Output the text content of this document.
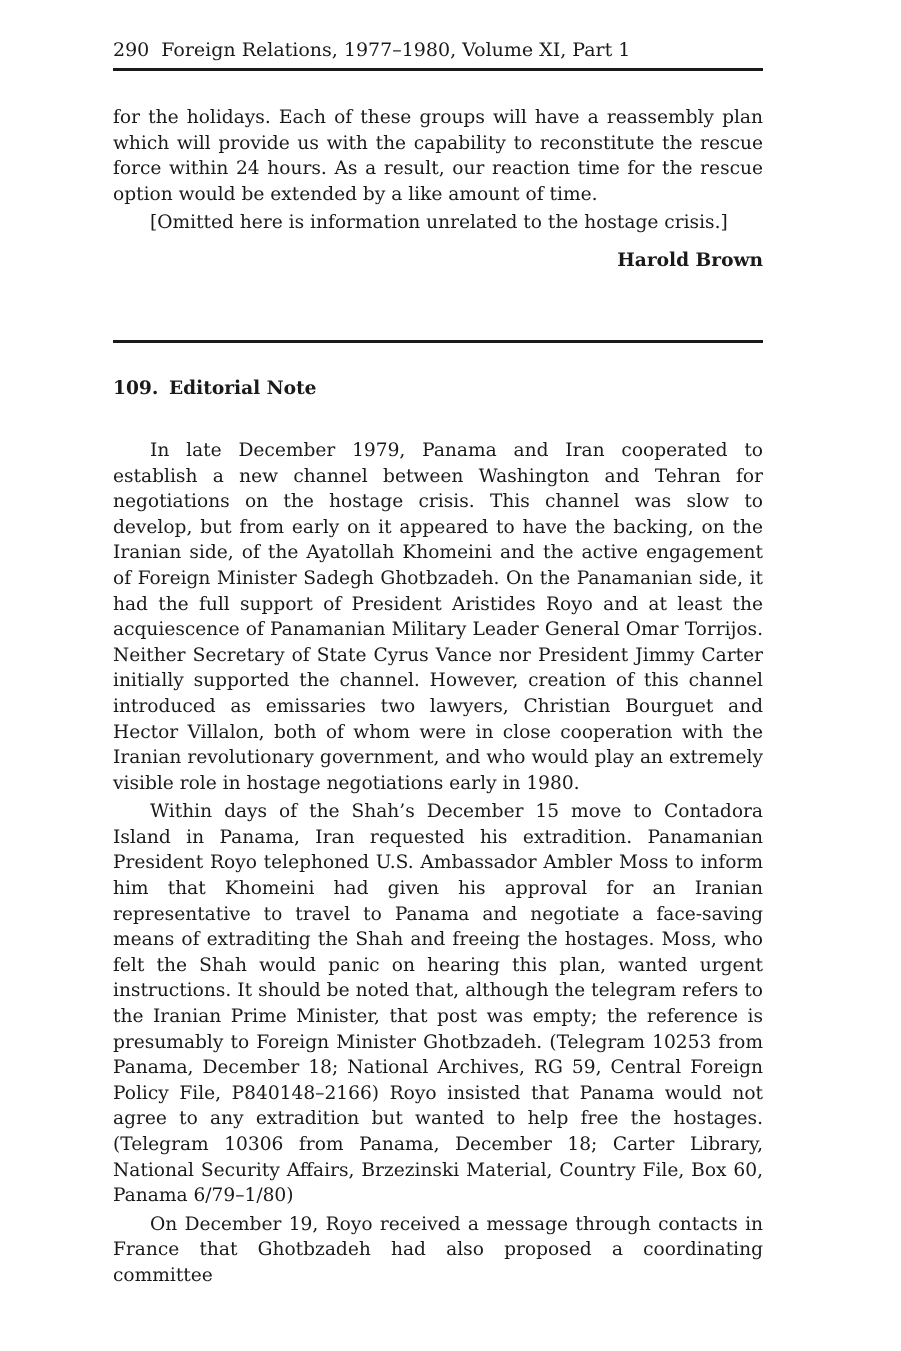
290 Foreign Relations, 1977–1980, Volume XI, Part 1

for the holidays. Each of these groups will have a reassembly plan which will provide us with the capability to reconstitute the rescue force within 24 hours. As a result, our reaction time for the rescue option would be extended by a like amount of time.

[Omitted here is information unrelated to the hostage crisis.]

Harold Brown
109. Editorial Note

In late December 1979, Panama and Iran cooperated to establish a new channel between Washington and Tehran for negotiations on the hostage crisis. This channel was slow to develop, but from early on it appeared to have the backing, on the Iranian side, of the Ayatollah Khomeini and the active engagement of Foreign Minister Sadegh Ghotbzadeh. On the Panamanian side, it had the full support of President Aristides Royo and at least the acquiescence of Panamanian Military Leader General Omar Torrijos. Neither Secretary of State Cyrus Vance nor President Jimmy Carter initially supported the channel. However, creation of this channel introduced as emissaries two lawyers, Christian Bourguet and Hector Villalon, both of whom were in close cooperation with the Iranian revolutionary government, and who would play an extremely visible role in hostage negotiations early in 1980.

Within days of the Shah’s December 15 move to Contadora Island in Panama, Iran requested his extradition. Panamanian President Royo telephoned U.S. Ambassador Ambler Moss to inform him that Khomeini had given his approval for an Iranian representative to travel to Panama and negotiate a face-saving means of extraditing the Shah and freeing the hostages. Moss, who felt the Shah would panic on hearing this plan, wanted urgent instructions. It should be noted that, although the telegram refers to the Iranian Prime Minister, that post was empty; the reference is presumably to Foreign Minister Ghotbzadeh. (Telegram 10253 from Panama, December 18; National Archives, RG 59, Central Foreign Policy File, P840148–2166) Royo insisted that Panama would not agree to any extradition but wanted to help free the hostages. (Telegram 10306 from Panama, December 18; Carter Library, National Security Affairs, Brzezinski Material, Country File, Box 60, Panama 6/79–1/80)

On December 19, Royo received a message through contacts in France that Ghotbzadeh had also proposed a coordinating committee
